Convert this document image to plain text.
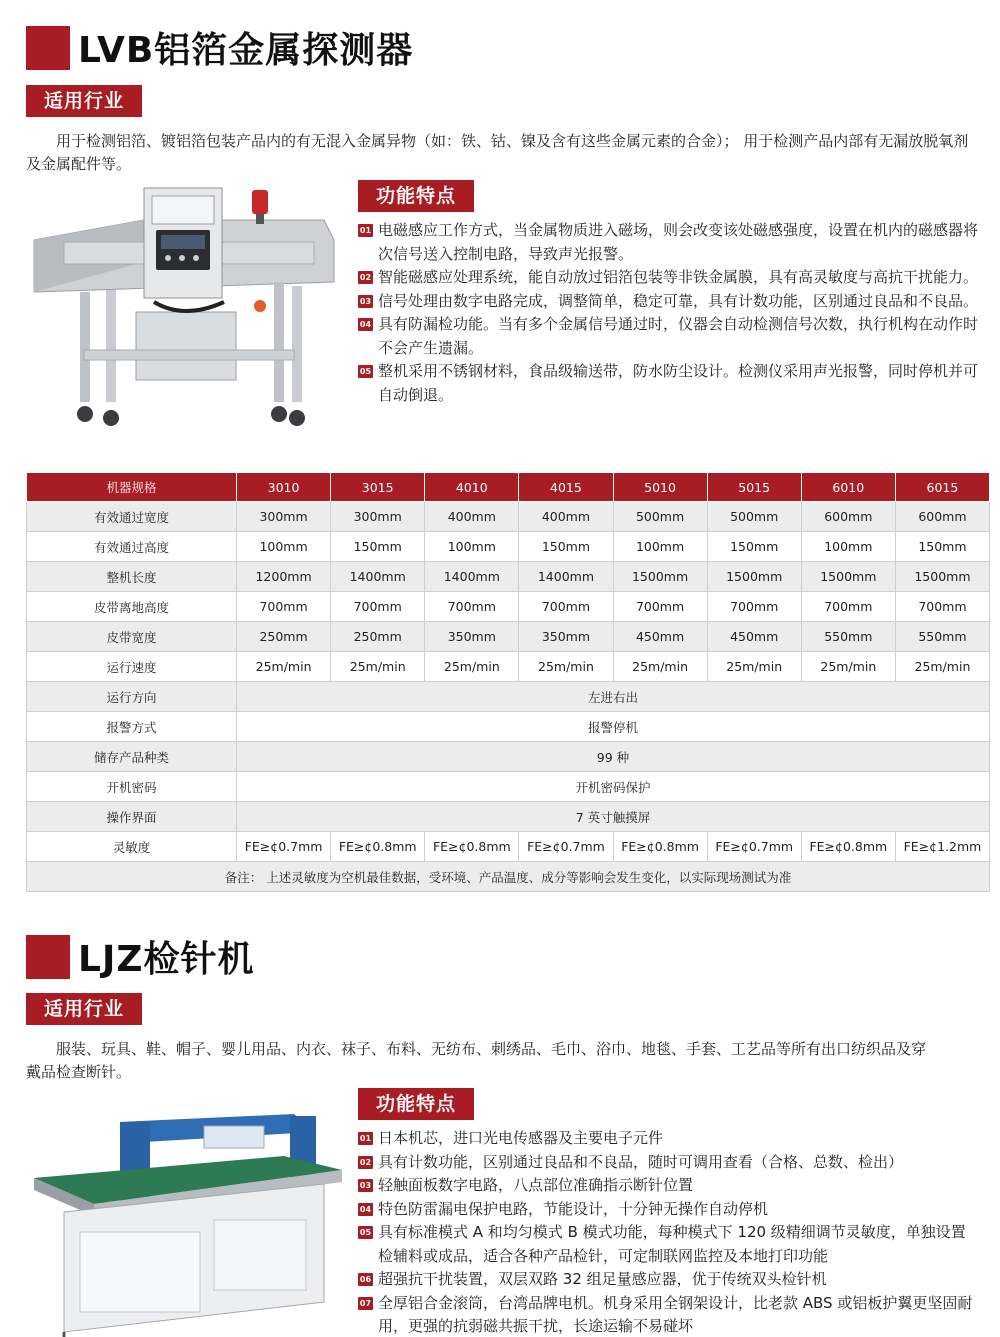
LVB铝箔金属探测器
适用行业
　　用于检测铝箔、镀铝箔包装产品内的有无混入金属异物（如：铁、钴、镍及含有这些金属元素的合金）； 用于检测产品内部有无漏放脱氧剂及金属配件等。
功能特点
01 电磁感应工作方式，当金属物质进入磁场，则会改变该处磁感强度，设置在机内的磁感器将次信号送入控制电路，导致声光报警。
02 智能磁感应处理系统，能自动放过铝箔包装等非铁金属膜，具有高灵敏度与高抗干扰能力。
03 信号处理由数字电路完成，调整简单，稳定可靠，具有计数功能，区别通过良品和不良品。
04 具有防漏检功能。当有多个金属信号通过时，仪器会自动检测信号次数，执行机构在动作时不会产生遗漏。
05 整机采用不锈钢材料，食品级输送带，防水防尘设计。检测仪采用声光报警，同时停机并可自动倒退。
机器规格	3010	3015	4010	4015	5010	5015	6010	6015
有效通过宽度	300mm	300mm	400mm	400mm	500mm	500mm	600mm	600mm
有效通过高度	100mm	150mm	100mm	150mm	100mm	150mm	100mm	150mm
整机长度	1200mm	1400mm	1400mm	1400mm	1500mm	1500mm	1500mm	1500mm
皮带离地高度	700mm	700mm	700mm	700mm	700mm	700mm	700mm	700mm
皮带宽度	250mm	250mm	350mm	350mm	450mm	450mm	550mm	550mm
运行速度	25m/min	25m/min	25m/min	25m/min	25m/min	25m/min	25m/min	25m/min
运行方向	左进右出							
报警方式	报警停机							
储存产品种类	99 种							
开机密码	开机密码保护							
操作界面	7 英寸触摸屏							
灵敏度	FE≥¢0.7mm	FE≥¢0.8mm	FE≥¢0.8mm	FE≥¢0.7mm	FE≥¢0.8mm	FE≥¢0.7mm	FE≥¢0.8mm	FE≥¢1.2mm
备注： 上述灵敏度为空机最佳数据，受环境、产品温度、成分等影响会发生变化，以实际现场测试为准								
LJZ检针机
适用行业
　　服装、玩具、鞋、帽子、婴儿用品、内衣、袜子、布料、无纺布、刺绣品、毛巾、浴巾、地毯、手套、工艺品等所有出口纺织品及穿戴品检查断针。
功能特点
01 日本机芯，进口光电传感器及主要电子元件
02 具有计数功能，区别通过良品和不良品，随时可调用查看（合格、总数、检出）
03 轻触面板数字电路，八点部位准确指示断针位置
04 特色防雷漏电保护电路，节能设计，十分钟无操作自动停机
05 具有标准模式 A 和均匀模式 B 模式功能，每种模式下 120 级精细调节灵敏度，单独设置检辅料或成品，适合各种产品检针，可定制联网监控及本地打印功能
06 超强抗干扰装置，双层双路 32 组足量感应器，优于传统双头检针机
07 全厚铝合金滚筒，台湾品牌电机。机身采用全钢架设计，比老款 ABS 或铝板护翼更坚固耐用，更强的抗弱磁共振干扰，长途运输不易碰坏
